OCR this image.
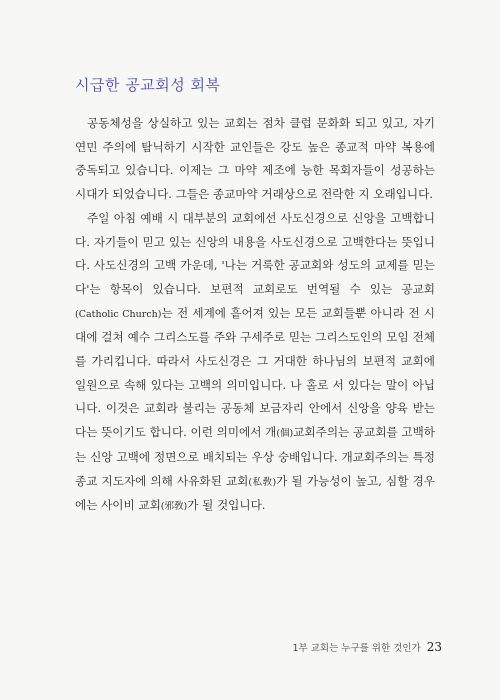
시급한 공교회성 회복

공동체성을 상실하고 있는 교회는 점차 클럽 문화화 되고 있고, 자기 연민 주의에 탐닉하기 시작한 교인들은 강도 높은 종교적 마약 복용에 중독되고 있습니다. 이제는 그 마약 제조에 능한 목회자들이 성공하는 시대가 되었습니다. 그들은 종교마약 거래상으로 전락한 지 오래입니다.

주일 아침 예배 시 대부분의 교회에선 사도신경으로 신앙을 고백합니다. 자기들이 믿고 있는 신앙의 내용을 사도신경으로 고백한다는 뜻입니다. 사도신경의 고백 가운데, '나는 거룩한 공교회와 성도의 교제를 믿는다'는 항목이 있습니다. 보편적 교회로도 번역될 수 있는 공교회 (Catholic Church)는 전 세계에 흩어져 있는 모든 교회들뿐 아니라 전 시대에 걸쳐 예수 그리스도를 주와 구세주로 믿는 그리스도인의 모임 전체를 가리킵니다. 따라서 사도신경은 그 거대한 하나님의 보편적 교회에 일원으로 속해 있다는 고백의 의미입니다. 나 홀로 서 있다는 말이 아닙니다. 이것은 교회라 불리는 공동체 보금자리 안에서 신앙을 양육 받는다는 뜻이기도 합니다. 이런 의미에서 개(個)교회주의는 공교회를 고백하는 신앙 고백에 정면으로 배치되는 우상 숭배입니다. 개교회주의는 특정 종교 지도자에 의해 사유화된 교회(私敎)가 될 가능성이 높고, 심할 경우에는 사이비 교회(邪敎)가 될 것입니다.

1부 교회는 누구를 위한 것인가 23
